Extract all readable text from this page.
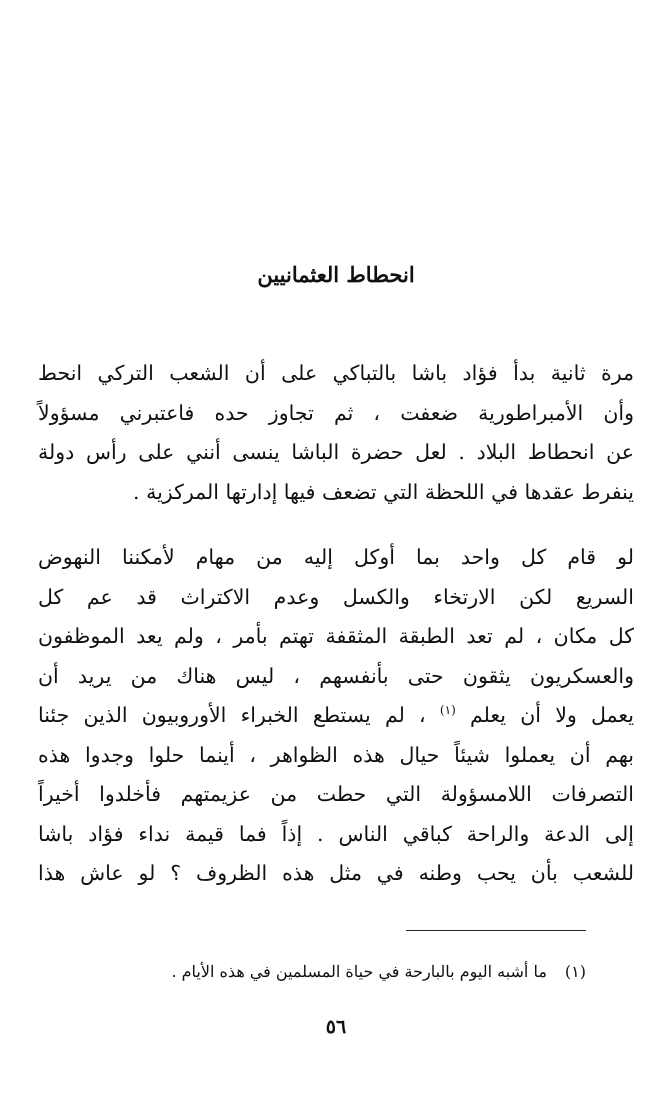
انحطاط العثمانيين
مرة ثانية بدأ فؤاد باشا بالتباكي على أن الشعب التركي انحط
وأن الأمبراطورية ضعفت ، ثم تجاوز حده فاعتبرني مسؤولاً
عن انحطاط البلاد . لعل حضرة الباشا ينسى أنني على رأس دولة
ينفرط عقدها في اللحظة التي تضعف فيها إدارتها المركزية .
لو قام كل واحد بما أوكل إليه من مهام لأمكننا النهوض
السريع لكن الارتخاء والكسل وعدم الاكتراث قد عم كل
كل مكان ، لم تعد الطبقة المثقفة تهتم بأمر ، ولم يعد الموظفون
والعسكريون يثقون حتى بأنفسهم ، ليس هناك من يريد أن
يعمل ولا أن يعلم $^{(١)}$ ، لم يستطع الخبراء الأوروبيون الذين جئنا
بهم أن يعملوا شيئاً حيال هذه الظواهر ، أينما حلوا وجدوا هذه
التصرفات اللامسؤولة التي حطت من عزيمتهم فأخلدوا أخيراً
إلى الدعة والراحة كباقي الناس . إذاً فما قيمة نداء فؤاد باشا
للشعب بأن يحب وطنه في مثل هذه الظروف ؟ لو عاش هذا
(١)ما أشبه اليوم بالبارحة في حياة المسلمين في هذه الأيام .
٥٦
